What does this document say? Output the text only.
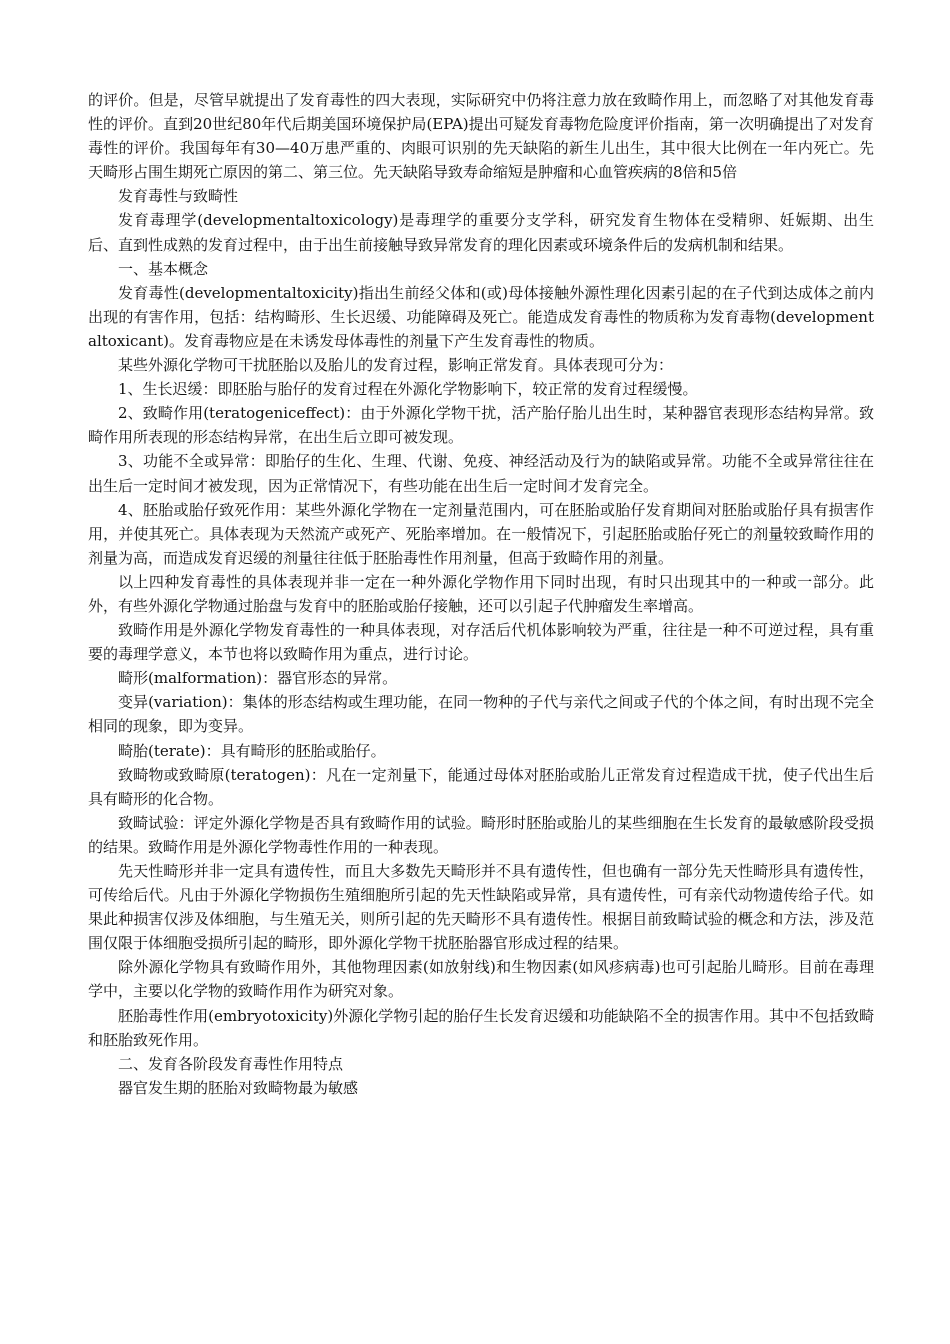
的评价。但是，尽管早就提出了发育毒性的四大表现，实际研究中仍将注意力放在致畸作用上，而忽略了对其他发育毒性的评价。直到20世纪80年代后期美国环境保护局(EPA)提出可疑发育毒物危险度评价指南，第一次明确提出了对发育毒性的评价。我国每年有30—40万患严重的、肉眼可识别的先天缺陷的新生儿出生，其中很大比例在一年内死亡。先天畸形占围生期死亡原因的第二、第三位。先天缺陷导致寿命缩短是肿瘤和心血管疾病的8倍和5倍

发育毒性与致畸性

发育毒理学(developmentaltoxicology)是毒理学的重要分支学科，研究发育生物体在受精卵、妊娠期、出生后、直到性成熟的发育过程中，由于出生前接触导致异常发育的理化因素或环境条件后的发病机制和结果。

一、基本概念

发育毒性(developmentaltoxicity)指出生前经父体和(或)母体接触外源性理化因素引起的在子代到达成体之前内出现的有害作用，包括：结构畸形、生长迟缓、功能障碍及死亡。能造成发育毒性的物质称为发育毒物(developmentaltoxicant)。发育毒物应是在未诱发母体毒性的剂量下产生发育毒性的物质。

某些外源化学物可干扰胚胎以及胎儿的发育过程，影响正常发育。具体表现可分为：

1、生长迟缓：即胚胎与胎仔的发育过程在外源化学物影响下，较正常的发育过程缓慢。

2、致畸作用(teratogeniceffect)：由于外源化学物干扰，活产胎仔胎儿出生时，某种器官表现形态结构异常。致畸作用所表现的形态结构异常，在出生后立即可被发现。

3、功能不全或异常：即胎仔的生化、生理、代谢、免疫、神经活动及行为的缺陷或异常。功能不全或异常往往在出生后一定时间才被发现，因为正常情况下，有些功能在出生后一定时间才发育完全。

4、胚胎或胎仔致死作用：某些外源化学物在一定剂量范围内，可在胚胎或胎仔发育期间对胚胎或胎仔具有损害作用，并使其死亡。具体表现为天然流产或死产、死胎率增加。在一般情况下，引起胚胎或胎仔死亡的剂量较致畸作用的剂量为高，而造成发育迟缓的剂量往往低于胚胎毒性作用剂量，但高于致畸作用的剂量。

以上四种发育毒性的具体表现并非一定在一种外源化学物作用下同时出现，有时只出现其中的一种或一部分。此外，有些外源化学物通过胎盘与发育中的胚胎或胎仔接触，还可以引起子代肿瘤发生率增高。

致畸作用是外源化学物发育毒性的一种具体表现，对存活后代机体影响较为严重，往往是一种不可逆过程，具有重要的毒理学意义，本节也将以致畸作用为重点，进行讨论。

畸形(malformation)：器官形态的异常。

变异(variation)：集体的形态结构或生理功能，在同一物种的子代与亲代之间或子代的个体之间，有时出现不完全相同的现象，即为变异。

畸胎(terate)：具有畸形的胚胎或胎仔。

致畸物或致畸原(teratogen)：凡在一定剂量下，能通过母体对胚胎或胎儿正常发育过程造成干扰，使子代出生后具有畸形的化合物。

致畸试验：评定外源化学物是否具有致畸作用的试验。畸形时胚胎或胎儿的某些细胞在生长发育的最敏感阶段受损的结果。致畸作用是外源化学物毒性作用的一种表现。

先天性畸形并非一定具有遗传性，而且大多数先天畸形并不具有遗传性，但也确有一部分先天性畸形具有遗传性，可传给后代。凡由于外源化学物损伤生殖细胞所引起的先天性缺陷或异常，具有遗传性，可有亲代动物遗传给子代。如果此种损害仅涉及体细胞，与生殖无关，则所引起的先天畸形不具有遗传性。根据目前致畸试验的概念和方法，涉及范围仅限于体细胞受损所引起的畸形，即外源化学物干扰胚胎器官形成过程的结果。

除外源化学物具有致畸作用外，其他物理因素(如放射线)和生物因素(如风疹病毒)也可引起胎儿畸形。目前在毒理学中，主要以化学物的致畸作用作为研究对象。

胚胎毒性作用(embryotoxicity)外源化学物引起的胎仔生长发育迟缓和功能缺陷不全的损害作用。其中不包括致畸和胚胎致死作用。

二、发育各阶段发育毒性作用特点

器官发生期的胚胎对致畸物最为敏感
